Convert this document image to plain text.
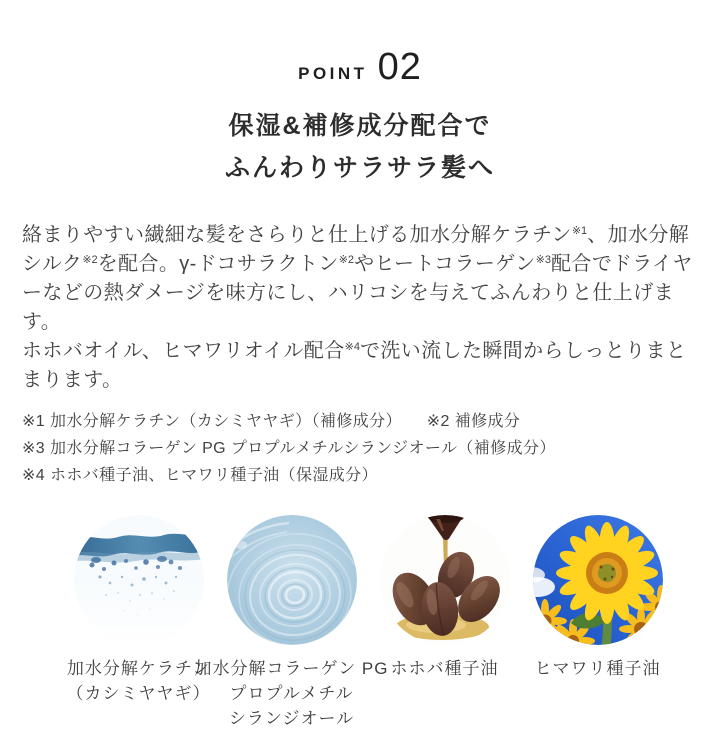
POINT 02
保湿&補修成分配合で
ふんわりサラサラ髪へ

絡まりやすい繊細な髪をさらりと仕上げる加水分解ケラチン$^{※1}$、加水分解シルク$^{※2}$を配合。γ-ドコサラクトン$^{※2}$やヒートコラーゲン$^{※3}$配合でドライヤーなどの熱ダメージを味方にし、ハリコシを与えてふんわりと仕上げます。

ホホバオイル、ヒマワリオイル配合$^{※4}$で洗い流した瞬間からしっとりまとまります。

※1 加水分解ケラチン（カシミヤヤギ）（補修成分）　　※2 補修成分
※3 加水分解コラーゲン PG プロプルメチルシランジオール（補修成分）
※4 ホホバ種子油、ヒマワリ種子油（保湿成分）
加水分解ケラチン
（カシミヤヤギ）
加水分解コラーゲン PG
プロプルメチル
シランジオール
ホホバ種子油 ヒマワリ種子油
